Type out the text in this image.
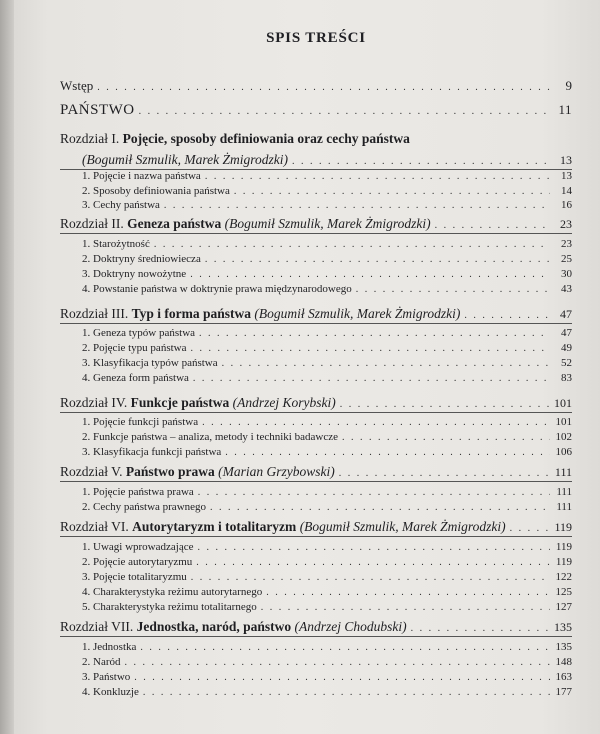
SPIS TREŚCI
Wstęp . . .	9
PAŃSTWO . . .	11
Rozdział I. Pojęcie, sposoby definiowania oraz cechy państwa
(Bogumił Szmulik, Marek Żmigrodzki) . . .	13
1. Pojęcie i nazwa państwa . . .	13
2. Sposoby definiowania państwa . . .	14
3. Cechy państwa . . .	16
Rozdział II. Geneza państwa (Bogumił Szmulik, Marek Żmigrodzki) . . .	23
1. Starożytność . . .	23
2. Doktryny średniowiecza . . .	25
3. Doktryny nowożytne . . .	30
4. Powstanie państwa w doktrynie prawa międzynarodowego . . .	43
Rozdział III. Typ i forma państwa (Bogumił Szmulik, Marek Żmigrodzki) . . .	47
1. Geneza typów państwa . . .	47
2. Pojęcie typu państwa . . .	49
3. Klasyfikacja typów państwa . . .	52
4. Geneza form państwa . . .	83
Rozdział IV. Funkcje państwa (Andrzej Korybski) . . .	101
1. Pojęcie funkcji państwa . . .	101
2. Funkcje państwa – analiza, metody i techniki badawcze . . .	102
3. Klasyfikacja funkcji państwa . . .	106
Rozdział V. Państwo prawa (Marian Grzybowski) . . .	111
1. Pojęcie państwa prawa . . .	111
2. Cechy państwa prawnego . . .	111
Rozdział VI. Autorytaryzm i totalitaryzm (Bogumił Szmulik, Marek Żmigrodzki) . . .	119
1. Uwagi wprowadzające . . .	119
2. Pojęcie autorytaryzmu . . .	119
3. Pojęcie totalitaryzmu . . .	122
4. Charakterystyka reżimu autorytarnego . . .	125
5. Charakterystyka reżimu totalitarnego . . .	127
Rozdział VII. Jednostka, naród, państwo (Andrzej Chodubski) . . .	135
1. Jednostka . . .	135
2. Naród . . .	148
3. Państwo . . .	163
4. Konkluzje . . .	177
